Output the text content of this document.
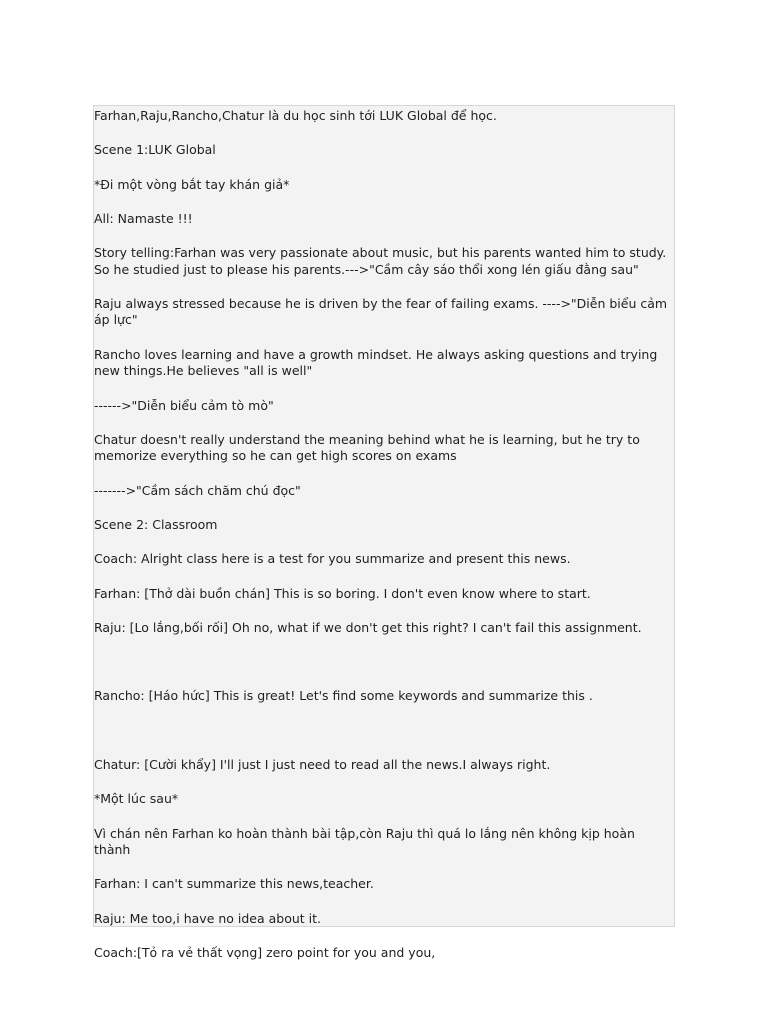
Farhan,Raju,Rancho,Chatur là du học sinh tới LUK Global để học.

Scene 1:LUK Global

*Đi một vòng bắt tay khán giả*

All: Namaste !!!

Story telling:Farhan was very passionate about music, but his parents wanted him to study. So he studied just to please his parents.--->"Cầm cây sáo thổi xong lén giấu đằng sau"

Raju always stressed because he is driven by the fear of failing exams. ---->"Diễn biểu cảm áp lực"

Rancho loves learning and have a growth mindset. He always asking questions and trying new things.He believes "all is well"

------>"Diễn biểu cảm tò mò"

Chatur doesn't really understand the meaning behind what he is learning, but he try to memorize everything so he can get high scores on exams

------->"Cầm sách chăm chú đọc"

Scene 2: Classroom

Coach: Alright class here is a test for you summarize and present this news.

Farhan: [Thở dài buồn chán] This is so boring. I don't even know where to start.

Raju: [Lo lắng,bối rối] Oh no, what if we don't get this right? I can't fail this assignment.

Rancho: [Háo hức] This is great! Let's find some keywords and summarize this .

Chatur: [Cười khẩy] I'll just I just need to read all the news.I always right.

*Một lúc sau*

Vì chán nên Farhan ko hoàn thành bài tập,còn Raju thì quá lo lắng nên không kịp hoàn thành

Farhan: I can't summarize this news,teacher.

Raju: Me too,i have no idea about it.

Coach:[Tỏ ra vẻ thất vọng] zero point for you and you,
